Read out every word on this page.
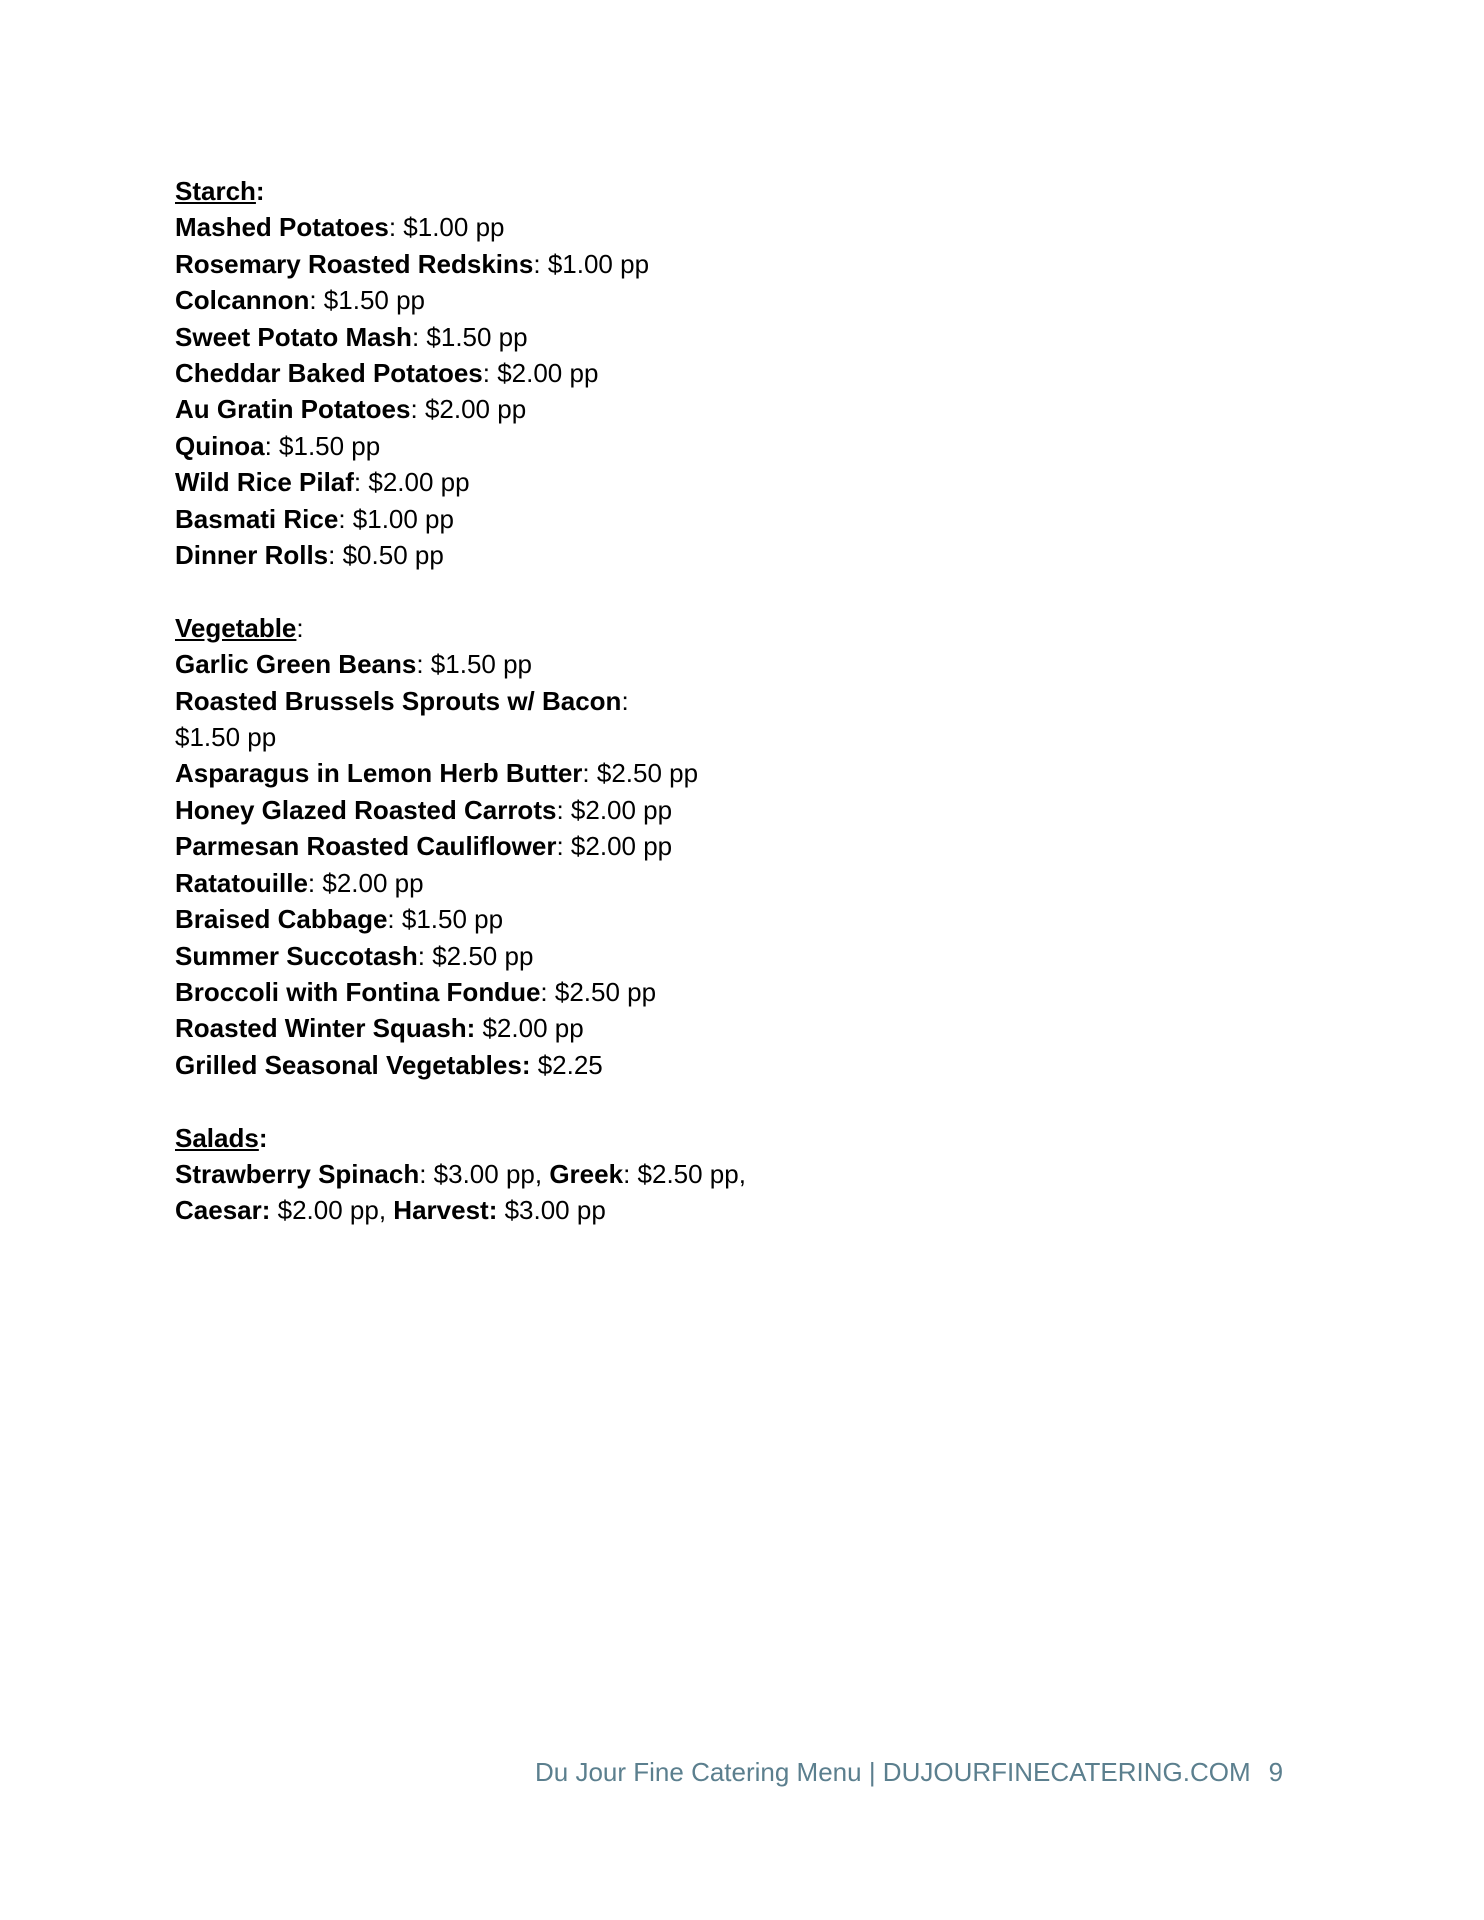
Starch:
Mashed Potatoes: $1.00 pp
Rosemary Roasted Redskins: $1.00 pp
Colcannon: $1.50 pp
Sweet Potato Mash: $1.50 pp
Cheddar Baked Potatoes: $2.00 pp
Au Gratin Potatoes: $2.00 pp
Quinoa: $1.50 pp
Wild Rice Pilaf: $2.00 pp
Basmati Rice: $1.00 pp
Dinner Rolls: $0.50 pp
Vegetable:
Garlic Green Beans: $1.50 pp
Roasted Brussels Sprouts w/ Bacon:
$1.50 pp
Asparagus in Lemon Herb Butter: $2.50 pp
Honey Glazed Roasted Carrots: $2.00 pp
Parmesan Roasted Cauliflower: $2.00 pp
Ratatouille: $2.00 pp
Braised Cabbage: $1.50 pp
Summer Succotash: $2.50 pp
Broccoli with Fontina Fondue: $2.50 pp
Roasted Winter Squash: $2.00 pp
Grilled Seasonal Vegetables: $2.25
Salads:
Strawberry Spinach: $3.00 pp, Greek: $2.50 pp,
Caesar: $2.00 pp, Harvest: $3.00 pp
Du Jour Fine Catering Menu | DUJOURFINECATERING.COM 9
